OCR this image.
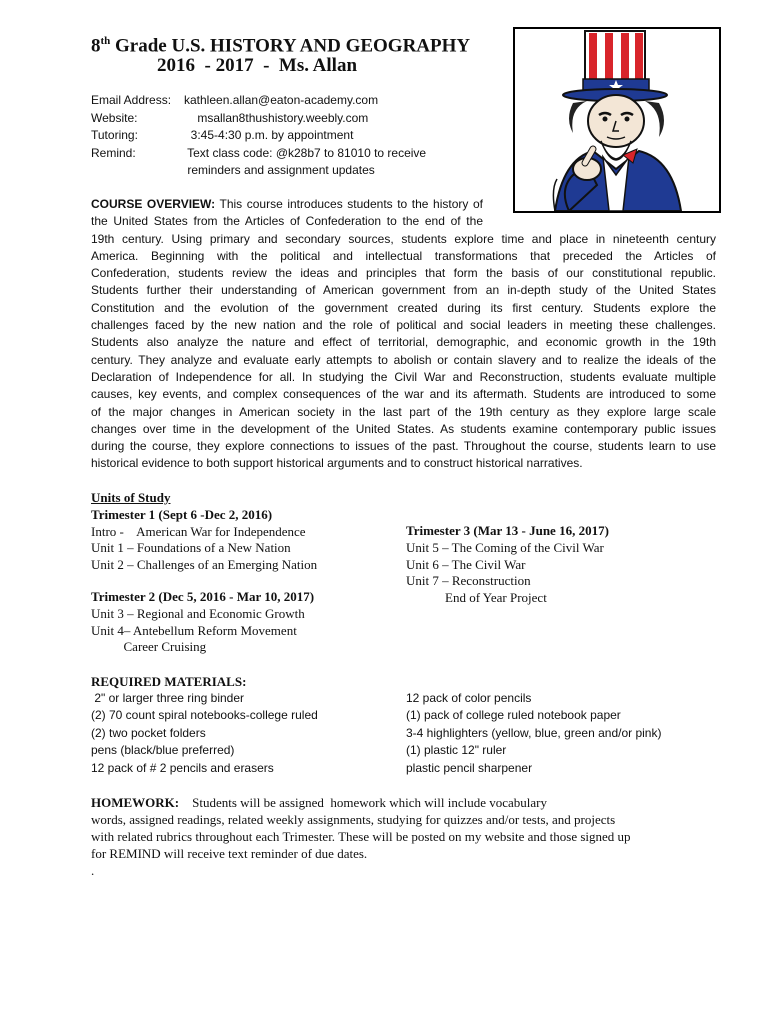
8th Grade U.S. HISTORY AND GEOGRAPHY
2016  - 2017  -  Ms. Allan
Email Address:	kathleen.allan@eaton-academy.com
Website:	msallan8thushistory.weebly.com
Tutoring:	3:45-4:30 p.m. by appointment
Remind:	Text class code: @k28b7 to 81010 to receive
reminders and assignment updates
COURSE OVERVIEW: This course introduces students to the history of
the United States from the Articles of Confederation to the end of the
19th century. Using primary and secondary sources, students explore time and place in nineteenth century
America. Beginning with the political and intellectual transformations that preceded the Articles of
Confederation, students review the ideas and principles that form the basis of our constitutional republic.
Students further their understanding of American government from an in-depth study of the United States
Constitution and the evolution of the government created during its first century. Students explore the
challenges faced by the new nation and the role of political and social leaders in meeting these challenges.
Students also analyze the nature and effect of territorial, demographic, and economic growth in the 19th
century. They analyze and evaluate early attempts to abolish or contain slavery and to realize the ideals of the
Declaration of Independence for all. In studying the Civil War and Reconstruction, students evaluate multiple
causes, key events, and complex consequences of the war and its aftermath. Students are introduced to some
of the major changes in American society in the last part of the 19th century as they explore large scale
changes over time in the development of the United States. As students examine contemporary public issues
during the course, they explore connections to issues of the past. Throughout the course, students learn to use
historical evidence to both support historical arguments and to construct historical narratives.
Units of Study
Trimester 1 (Sept 6 -Dec 2, 2016)
Intro -    American War for Independence
Unit 1 – Foundations of a New Nation
Unit 2 – Challenges of an Emerging Nation
Trimester 2 (Dec 5, 2016 - Mar 10, 2017)
Unit 3 – Regional and Economic Growth
Unit 4– Antebellum Reform Movement
Career Cruising
Trimester 3 (Mar 13 - June 16, 2017)
Unit 5 – The Coming of the Civil War
Unit 6 – The Civil War
Unit 7 – Reconstruction
End of Year Project
REQUIRED MATERIALS:
2" or larger three ring binder
(2) 70 count spiral notebooks-college ruled
(2) two pocket folders
pens (black/blue preferred)
12 pack of # 2 pencils and erasers
12 pack of color pencils
(1) pack of college ruled notebook paper
3-4 highlighters (yellow, blue, green and/or pink)
(1) plastic 12" ruler
plastic pencil sharpener
HOMEWORK:    Students will be assigned  homework which will include vocabulary
words, assigned readings, related weekly assignments, studying for quizzes and/or tests, and projects
with related rubrics throughout each Trimester. These will be posted on my website and those signed up
for REMIND will receive text reminder of due dates.
.
